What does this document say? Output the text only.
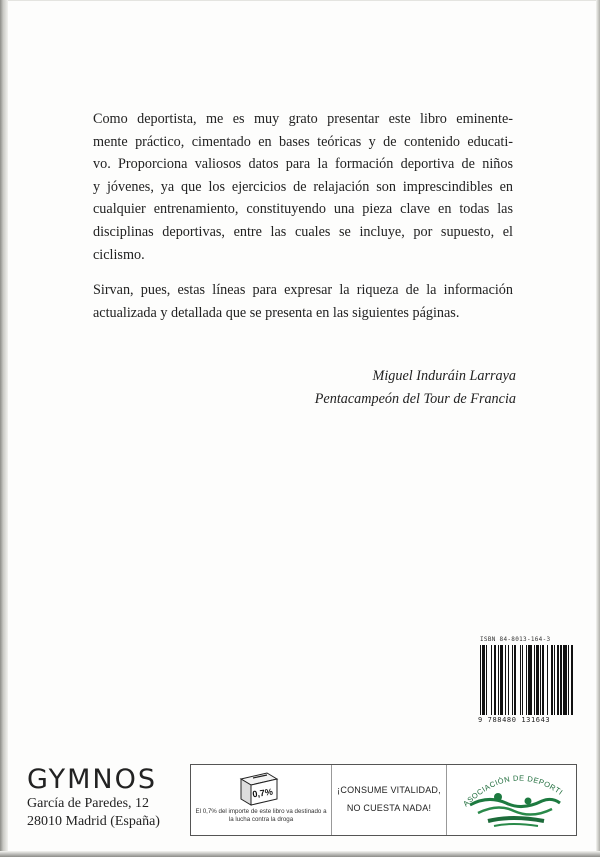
Como deportista, me es muy grato presentar este libro eminente-
mente práctico, cimentado en bases teóricas y de contenido educati-
vo. Proporciona valiosos datos para la formación deportiva de niños
y jóvenes, ya que los ejercicios de relajación son imprescindibles en
cualquier entrenamiento, constituyendo una pieza clave en todas las
disciplinas deportivas, entre las cuales se incluye, por supuesto, el
ciclismo.
Sirvan, pues, estas líneas para expresar la riqueza de la información
actualizada y detallada que se presenta en las siguientes páginas.
Miguel Induráin Larraya
Pentacampeón del Tour de Francia
ISBN 84-8013-164-3
9 788480 131643
GYMNOS
García de Paredes, 12
28010 Madrid (España)
0,7%
El 0,7% del importe de este libro va destinado a la lucha contra la droga
¡CONSUME VITALIDAD,
NO CUESTA NADA!	ASOCIACIÓN DE DEPORTI
